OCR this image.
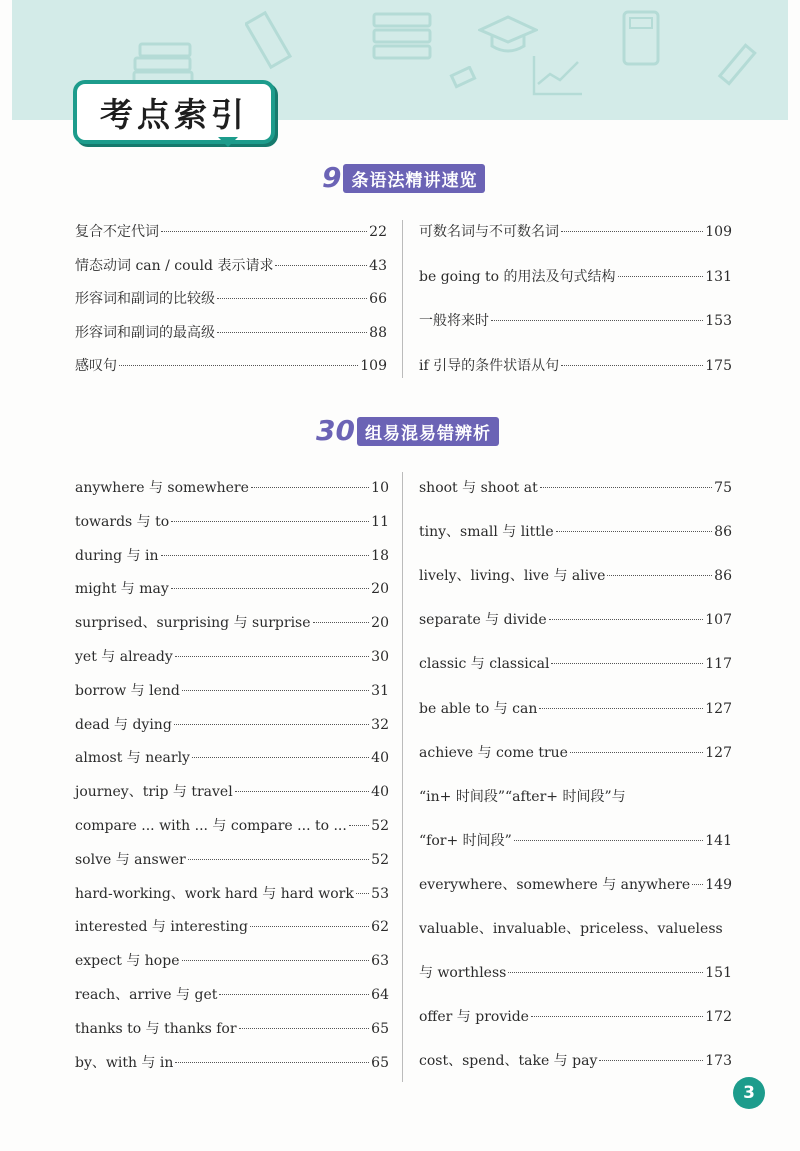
考点索引
9 条语法精讲速览
复合不定代词	22
情态动词 can / could 表示请求	43
形容词和副词的比较级	66
形容词和副词的最高级	88
感叹句	109
可数名词与不可数名词	109
be going to 的用法及句式结构	131
一般将来时	153
if 引导的条件状语从句	175
30 组易混易错辨析
anywhere 与 somewhere	10
towards 与 to	11
during 与 in	18
might 与 may	20
surprised、surprising 与 surprise	20
yet 与 already	30
borrow 与 lend	31
dead 与 dying	32
almost 与 nearly	40
journey、trip 与 travel	40
compare ... with ... 与 compare ... to ... 52
solve 与 answer	52
hard-working、work hard 与 hard work 53
interested 与 interesting	62
expect 与 hope	63
reach、arrive 与 get	64
thanks to 与 thanks for	65
by、with 与 in	65
shoot 与 shoot at	75
tiny、small 与 little	86
lively、living、live 与 alive	86
separate 与 divide	107
classic 与 classical	117
be able to 与 can	127
achieve 与 come true	127
“in+ 时间段”“after+ 时间段”与
“for+ 时间段”	141
everywhere、somewhere 与 anywhere 149
valuable、invaluable、priceless、valueless
与 worthless	151
offer 与 provide	172
cost、spend、take 与 pay	173
3
